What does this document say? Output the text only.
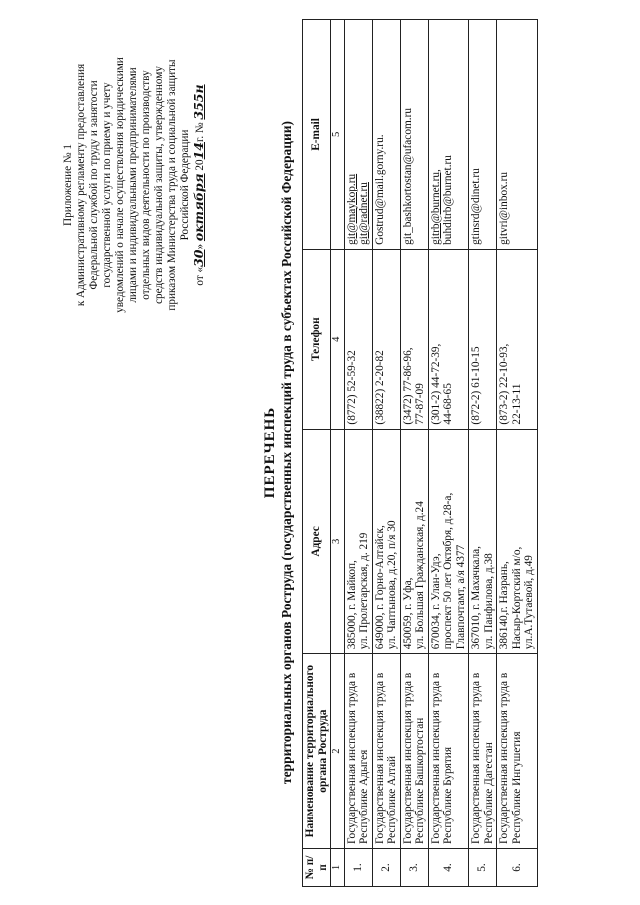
Приложение № 1 к Административному регламенту предоставления Федеральной службой по труду и занятости государственной услуги по приему и учету уведомлений о начале осуществления юридическими лицами и индивидуальными предпринимателями отдельных видов деятельности по производству средств индивидуальной защиты, утвержденному приказом Министерства труда и социальной защиты Российской Федерации
от «30» октября 2014г. № 355н
ПЕРЕЧЕНЬ территориальных органов Роструда (государственных инспекций труда в субъектах Российской Федерации)
№ п/п	Наименование территориального органа Роструда	Адрес	Телефон	E-mail
1	2	3	4	5
1.	Государственная инспекция труда в Республике Адыгея	385000, г. Майкоп, ул. Пролетарская, д. 219	(8772) 52-59-32	git@maykop.ru git@radnet.ru

2.	Государственная инспекция труда в Республике Алтай	649000, г. Горно-Алтайск, ул. Чаптынова, д.20, п/я 30	(38822) 2-20-82	Gostrud@mail.gorny.ru.

3.	Государственная инспекция труда в Республике Башкортостан	450059, г. Уфа, ул. Большая Гражданская, д.24	(3472) 77-86-96, 77-87-09	git_bashkortostan@ufacom.ru

4.	Государственная инспекция труда в Республике Бурятия	670034, г. Улан-Удэ, проспект 50 лет Октября, д.28-а, Главпочтамт, а/я 4377	(301-2) 44-72-39, 44-68-65	gitrb@burnet.ru, buhditrb@burnet.ru

5.	Государственная инспекция труда в Республике Дагестан	367010, г. Махачкала, ул. Панфилова, д.38	(872-2) 61-10-15	gtinsrd@dinet.ru

6.	Государственная инспекция труда в Республике Ингушетия	386140,г. Назрань, Насыр-Кортский м/о, ул.А.Тутаевой, д.49	(873-2) 22-10-93, 22-13-11	gitvri@inbox.ru
